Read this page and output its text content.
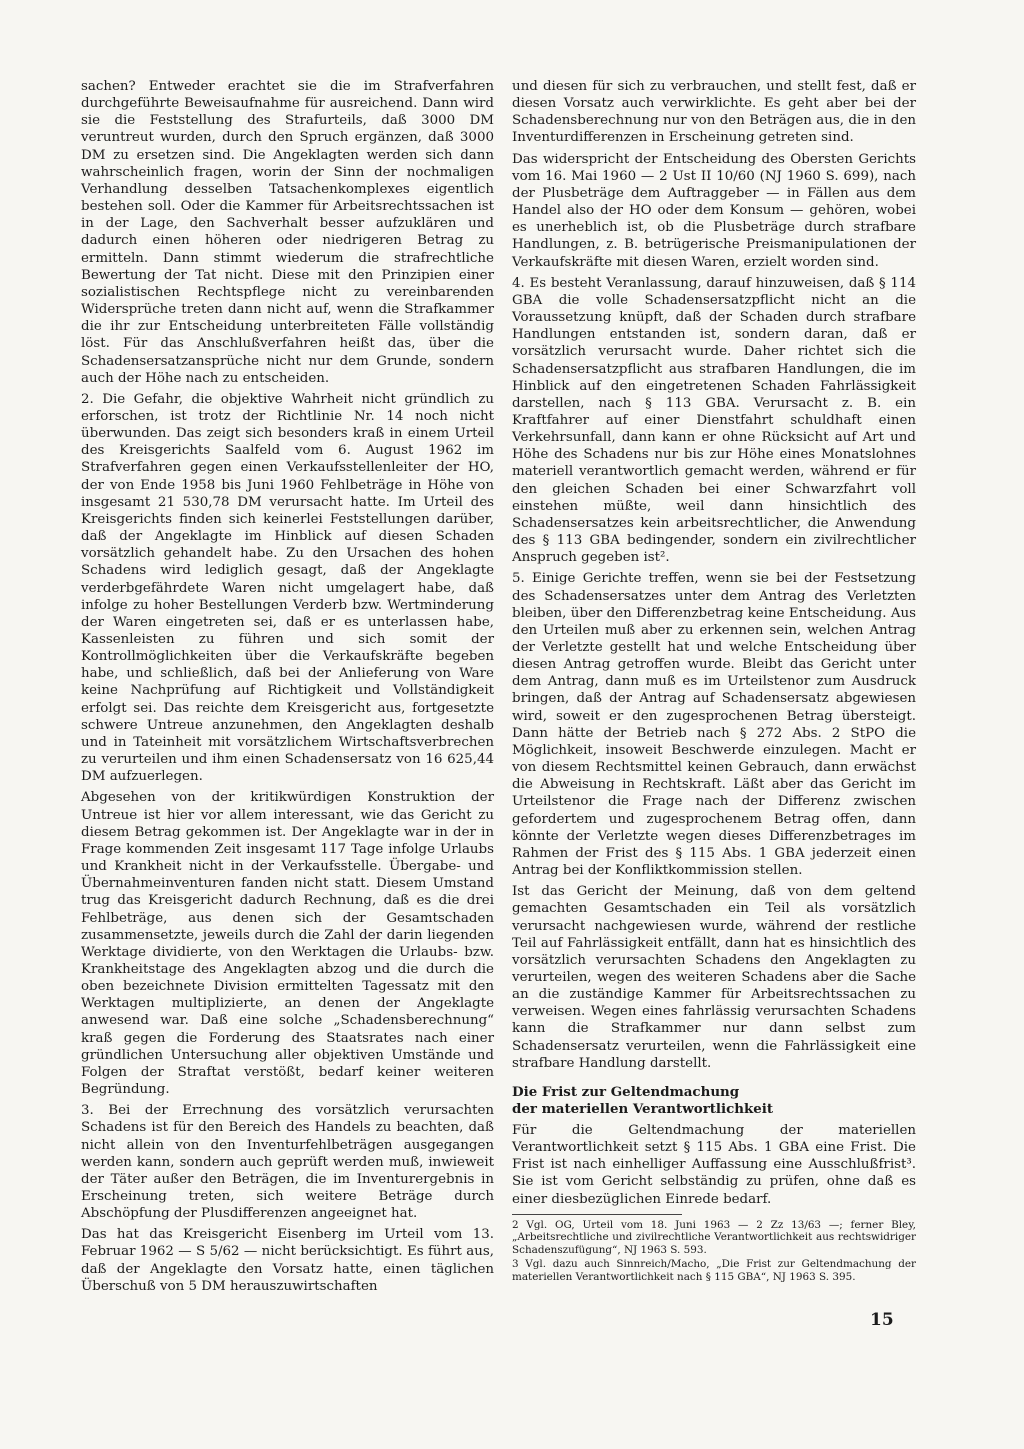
sachen? Entweder erachtet sie die im Strafverfahren durchgeführte Beweisaufnahme für ausreichend. Dann wird sie die Feststellung des Strafurteils, daß 3000 DM veruntreut wurden, durch den Spruch ergänzen, daß 3000 DM zu ersetzen sind. Die Angeklagten werden sich dann wahrscheinlich fragen, worin der Sinn der nochmaligen Verhandlung desselben Tatsachenkomplexes eigentlich bestehen soll. Oder die Kammer für Arbeitsrechtssachen ist in der Lage, den Sachverhalt besser aufzuklären und dadurch einen höheren oder niedrigeren Betrag zu ermitteln. Dann stimmt wiederum die strafrechtliche Bewertung der Tat nicht. Diese mit den Prinzipien einer sozialistischen Rechtspflege nicht zu vereinbarenden Widersprüche treten dann nicht auf, wenn die Strafkammer die ihr zur Entscheidung unterbreiteten Fälle vollständig löst. Für das Anschlußverfahren heißt das, über die Schadensersatzansprüche nicht nur dem Grunde, sondern auch der Höhe nach zu entscheiden.

2. Die Gefahr, die objektive Wahrheit nicht gründlich zu erforschen, ist trotz der Richtlinie Nr. 14 noch nicht überwunden. Das zeigt sich besonders kraß in einem Urteil des Kreisgerichts Saalfeld vom 6. August 1962 im Strafverfahren gegen einen Verkaufsstellenleiter der HO, der von Ende 1958 bis Juni 1960 Fehlbeträge in Höhe von insgesamt 21 530,78 DM verursacht hatte. Im Urteil des Kreisgerichts finden sich keinerlei Feststellungen darüber, daß der Angeklagte im Hinblick auf diesen Schaden vorsätzlich gehandelt habe. Zu den Ursachen des hohen Schadens wird lediglich gesagt, daß der Angeklagte verderbgefährdete Waren nicht umgelagert habe, daß infolge zu hoher Bestellungen Verderb bzw. Wertminderung der Waren eingetreten sei, daß er es unterlassen habe, Kassenleisten zu führen und sich somit der Kontrollmöglichkeiten über die Verkaufskräfte begeben habe, und schließlich, daß bei der Anlieferung von Ware keine Nachprüfung auf Richtigkeit und Vollständigkeit erfolgt sei. Das reichte dem Kreisgericht aus, fortgesetzte schwere Untreue anzunehmen, den Angeklagten deshalb und in Tateinheit mit vorsätzlichem Wirtschaftsverbrechen zu verurteilen und ihm einen Schadensersatz von 16 625,44 DM aufzuerlegen.

Abgesehen von der kritikwürdigen Konstruktion der Untreue ist hier vor allem interessant, wie das Gericht zu diesem Betrag gekommen ist. Der Angeklagte war in der in Frage kommenden Zeit insgesamt 117 Tage infolge Urlaubs und Krankheit nicht in der Verkaufsstelle. Übergabe- und Übernahmeinventuren fanden nicht statt. Diesem Umstand trug das Kreisgericht dadurch Rechnung, daß es die drei Fehlbeträge, aus denen sich der Gesamtschaden zusammensetzte, jeweils durch die Zahl der darin liegenden Werktage dividierte, von den Werktagen die Urlaubs- bzw. Krankheitstage des Angeklagten abzog und die durch die oben bezeichnete Division ermittelten Tagessatz mit den Werktagen multiplizierte, an denen der Angeklagte anwesend war. Daß eine solche „Schadensberechnung“ kraß gegen die Forderung des Staatsrates nach einer gründlichen Untersuchung aller objektiven Umstände und Folgen der Straftat verstößt, bedarf keiner weiteren Begründung.

3. Bei der Errechnung des vorsätzlich verursachten Schadens ist für den Bereich des Handels zu beachten, daß nicht allein von den Inventurfehlbeträgen ausgegangen werden kann, sondern auch geprüft werden muß, inwieweit der Täter außer den Beträgen, die im Inventurergebnis in Erscheinung treten, sich weitere Beträge durch Abschöpfung der Plusdifferenzen angeeignet hat.

Das hat das Kreisgericht Eisenberg im Urteil vom 13. Februar 1962 — S 5/62 — nicht berücksichtigt. Es führt aus, daß der Angeklagte den Vorsatz hatte, einen täglichen Überschuß von 5 DM herauszuwirtschaften

und diesen für sich zu verbrauchen, und stellt fest, daß er diesen Vorsatz auch verwirklichte. Es geht aber bei der Schadensberechnung nur von den Beträgen aus, die in den Inventurdifferenzen in Erscheinung getreten sind.

Das widerspricht der Entscheidung des Obersten Gerichts vom 16. Mai 1960 — 2 Ust II 10/60 (NJ 1960 S. 699), nach der Plusbeträge dem Auftraggeber — in Fällen aus dem Handel also der HO oder dem Konsum — gehören, wobei es unerheblich ist, ob die Plusbeträge durch strafbare Handlungen, z. B. betrügerische Preismanipulationen der Verkaufskräfte mit diesen Waren, erzielt worden sind.

4. Es besteht Veranlassung, darauf hinzuweisen, daß § 114 GBA die volle Schadensersatzpflicht nicht an die Voraussetzung knüpft, daß der Schaden durch strafbare Handlungen entstanden ist, sondern daran, daß er vorsätzlich verursacht wurde. Daher richtet sich die Schadensersatzpflicht aus strafbaren Handlungen, die im Hinblick auf den eingetretenen Schaden Fahrlässigkeit darstellen, nach § 113 GBA. Verursacht z. B. ein Kraftfahrer auf einer Dienstfahrt schuldhaft einen Verkehrsunfall, dann kann er ohne Rücksicht auf Art und Höhe des Schadens nur bis zur Höhe eines Monatslohnes materiell verantwortlich gemacht werden, während er für den gleichen Schaden bei einer Schwarzfahrt voll einstehen müßte, weil dann hinsichtlich des Schadensersatzes kein arbeitsrechtlicher, die Anwendung des § 113 GBA bedingender, sondern ein zivilrechtlicher Anspruch gegeben ist².

5. Einige Gerichte treffen, wenn sie bei der Festsetzung des Schadensersatzes unter dem Antrag des Verletzten bleiben, über den Differenzbetrag keine Entscheidung. Aus den Urteilen muß aber zu erkennen sein, welchen Antrag der Verletzte gestellt hat und welche Entscheidung über diesen Antrag getroffen wurde. Bleibt das Gericht unter dem Antrag, dann muß es im Urteilstenor zum Ausdruck bringen, daß der Antrag auf Schadensersatz abgewiesen wird, soweit er den zugesprochenen Betrag übersteigt. Dann hätte der Betrieb nach § 272 Abs. 2 StPO die Möglichkeit, insoweit Beschwerde einzulegen. Macht er von diesem Rechtsmittel keinen Gebrauch, dann erwächst die Abweisung in Rechtskraft. Läßt aber das Gericht im Urteilstenor die Frage nach der Differenz zwischen gefordertem und zugesprochenem Betrag offen, dann könnte der Verletzte wegen dieses Differenzbetrages im Rahmen der Frist des § 115 Abs. 1 GBA jederzeit einen Antrag bei der Konfliktkommission stellen.

Ist das Gericht der Meinung, daß von dem geltend gemachten Gesamtschaden ein Teil als vorsätzlich verursacht nachgewiesen wurde, während der restliche Teil auf Fahrlässigkeit entfällt, dann hat es hinsichtlich des vorsätzlich verursachten Schadens den Angeklagten zu verurteilen, wegen des weiteren Schadens aber die Sache an die zuständige Kammer für Arbeitsrechtssachen zu verweisen. Wegen eines fahrlässig verursachten Schadens kann die Strafkammer nur dann selbst zum Schadensersatz verurteilen, wenn die Fahrlässigkeit eine strafbare Handlung darstellt.

Die Frist zur Geltendmachung
der materiellen Verantwortlichkeit

Für die Geltendmachung der materiellen Verantwortlichkeit setzt § 115 Abs. 1 GBA eine Frist. Die Frist ist nach einhelliger Auffassung eine Ausschlußfrist³. Sie ist vom Gericht selbständig zu prüfen, ohne daß es einer diesbezüglichen Einrede bedarf.

2 Vgl. OG, Urteil vom 18. Juni 1963 — 2 Zz 13/63 —; ferner Bley, „Arbeitsrechtliche und zivilrechtliche Verantwortlichkeit aus rechtswidriger Schadenszufügung“, NJ 1963 S. 593.

3 Vgl. dazu auch Sinnreich/Macho, „Die Frist zur Geltendmachung der materiellen Verantwortlichkeit nach § 115 GBA“, NJ 1963 S. 395.

15
